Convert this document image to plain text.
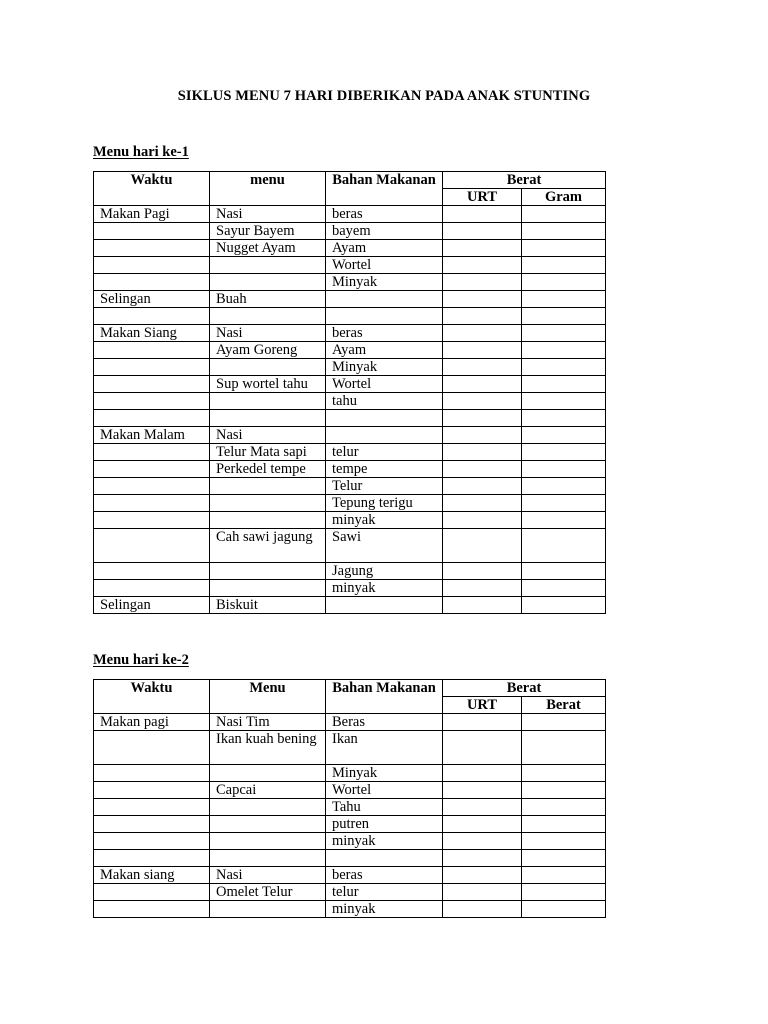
SIKLUS MENU 7 HARI DIBERIKAN PADA ANAK STUNTING
Menu hari ke-1
Waktu	menu	Bahan Makanan	Berat	
			URT	Gram
Makan Pagi	Nasi	beras		
	Sayur Bayem	bayem		
	Nugget Ayam	Ayam		
		Wortel		
		Minyak		
Selingan	Buah			

Makan Siang	Nasi	beras		
	Ayam Goreng	Ayam		
		Minyak		
	Sup wortel tahu	Wortel		
		tahu		

Makan Malam	Nasi			
	Telur Mata sapi	telur		
	Perkedel tempe	tempe		
		Telur		
		Tepung terigu		
		minyak		
	Cah sawi jagung	Sawi		
		Jagung		
		minyak		
Selingan	Biskuit			
Menu hari ke-2
Waktu	Menu	Bahan Makanan	Berat	
			URT	Berat
Makan pagi	Nasi Tim	Beras		
	Ikan kuah bening	Ikan		
		Minyak		
	Capcai	Wortel		
		Tahu		
		putren		
		minyak		

Makan siang	Nasi	beras		
	Omelet Telur	telur		
		minyak		
